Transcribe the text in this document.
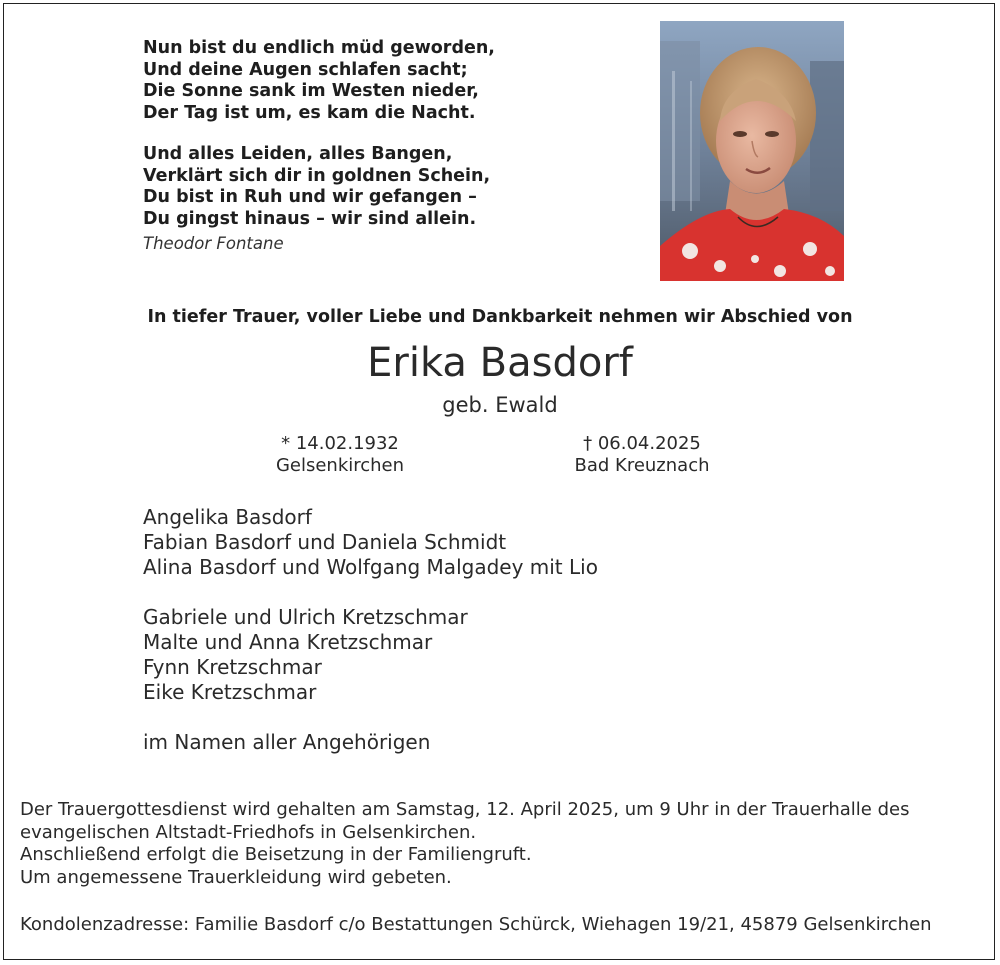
Nun bist du endlich müd geworden,
Und deine Augen schlafen sacht;
Die Sonne sank im Westen nieder,
Der Tag ist um, es kam die Nacht.
Und alles Leiden, alles Bangen,
Verklärt sich dir in goldnen Schein,
Du bist in Ruh und wir gefangen –
Du gingst hinaus – wir sind allein.
Theodor Fontane
In tiefer Trauer, voller Liebe und Dankbarkeit nehmen wir Abschied von
Erika Basdorf
geb. Ewald
* 14.02.1932
Gelsenkirchen
† 06.04.2025
Bad Kreuznach
Angelika Basdorf
Fabian Basdorf und Daniela Schmidt
Alina Basdorf und Wolfgang Malgadey mit Lio
Gabriele und Ulrich Kretzschmar
Malte und Anna Kretzschmar
Fynn Kretzschmar
Eike Kretzschmar
im Namen aller Angehörigen
Der Trauergottesdienst wird gehalten am Samstag, 12. April 2025, um 9 Uhr in der Trauerhalle des
evangelischen Altstadt-Friedhofs in Gelsenkirchen.
Anschließend erfolgt die Beisetzung in der Familiengruft.
Um angemessene Trauerkleidung wird gebeten.
Kondolenzadresse: Familie Basdorf c/o Bestattungen Schürck, Wiehagen 19/21, 45879 Gelsenkirchen
